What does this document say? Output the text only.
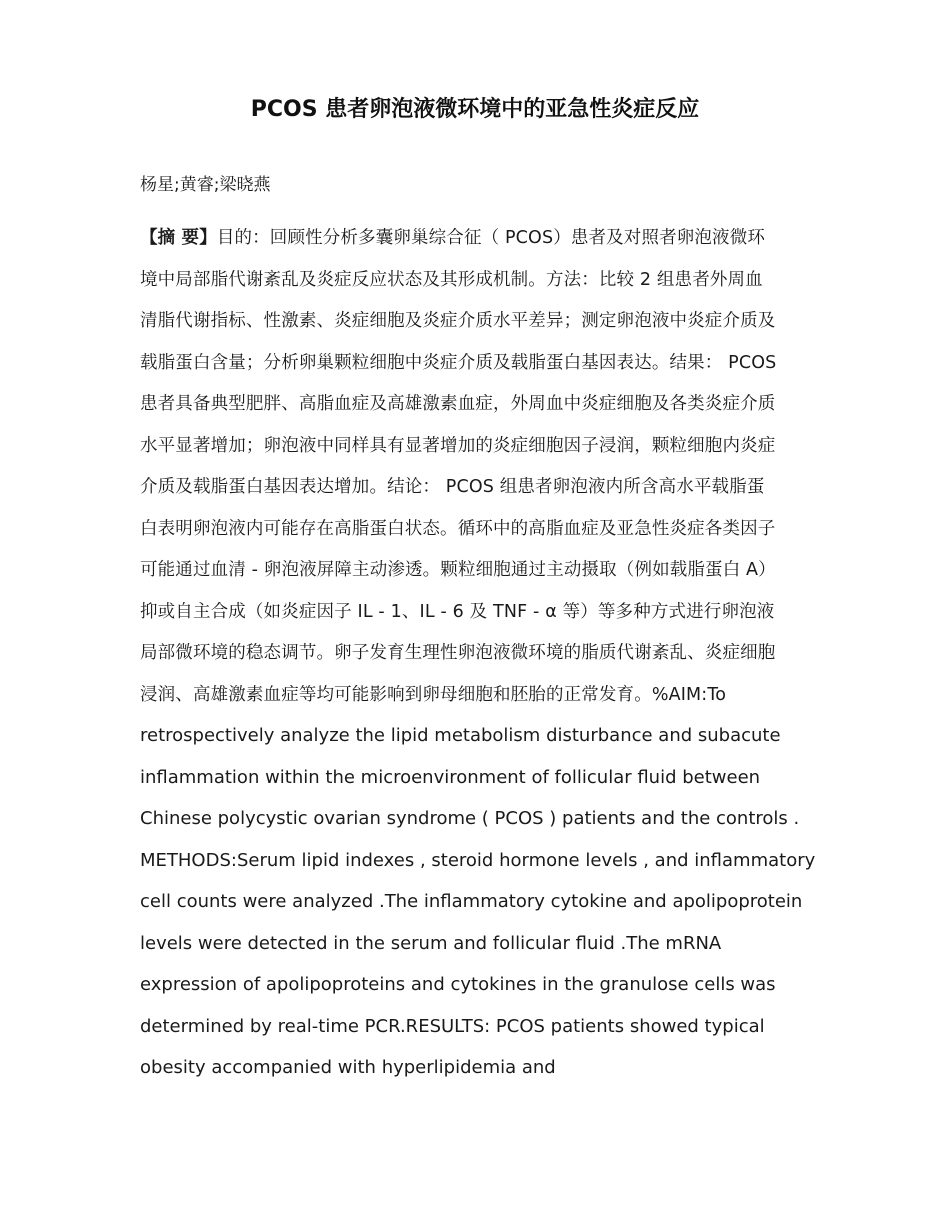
PCOS 患者卵泡液微环境中的亚急性炎症反应
杨星;黄睿;梁晓燕
【摘 要】目的：回顾性分析多囊卵巢综合征（ PCOS）患者及对照者卵泡液微环
境中局部脂代谢紊乱及炎症反应状态及其形成机制。方法：比较 2 组患者外周血
清脂代谢指标、性激素、炎症细胞及炎症介质水平差异；测定卵泡液中炎症介质及
载脂蛋白含量；分析卵巢颗粒细胞中炎症介质及载脂蛋白基因表达。结果： PCOS
患者具备典型肥胖、高脂血症及高雄激素血症，外周血中炎症细胞及各类炎症介质
水平显著增加；卵泡液中同样具有显著增加的炎症细胞因子浸润，颗粒细胞内炎症
介质及载脂蛋白基因表达增加。结论： PCOS 组患者卵泡液内所含高水平载脂蛋
白表明卵泡液内可能存在高脂蛋白状态。循环中的高脂血症及亚急性炎症各类因子
可能通过血清 - 卵泡液屏障主动渗透。颗粒细胞通过主动摄取（例如载脂蛋白 A）
抑或自主合成（如炎症因子 IL - 1、IL - 6 及 TNF - α 等）等多种方式进行卵泡液
局部微环境的稳态调节。卵子发育生理性卵泡液微环境的脂质代谢紊乱、炎症细胞
浸润、高雄激素血症等均可能影响到卵母细胞和胚胎的正常发育。%AIM:To
retrospectively analyze the lipid metabolism disturbance and subacute
inflammation within the microenvironment of follicular fluid between
Chinese polycystic ovarian syndrome ( PCOS ) patients and the controls .
METHODS:Serum lipid indexes , steroid hormone levels , and inflammatory
cell counts were analyzed .The inflammatory cytokine and apolipoprotein
levels were detected in the serum and follicular fluid .The mRNA
expression of apolipoproteins and cytokines in the granulose cells was
determined by real-time PCR.RESULTS: PCOS patients showed typical
obesity accompanied with hyperlipidemia and
